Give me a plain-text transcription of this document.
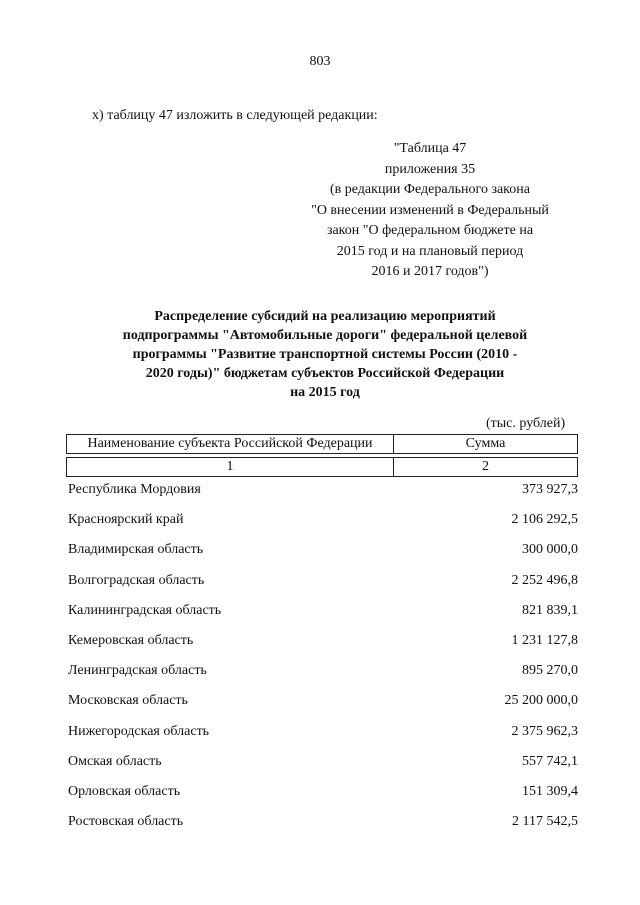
803
х) таблицу 47 изложить в следующей редакции:
"Таблица 47
приложения 35
(в редакции Федерального закона
"О внесении изменений в Федеральный
закон "О федеральном бюджете на
2015 год и на плановый период
2016 и 2017 годов")
Распределение субсидий на реализацию мероприятий
подпрограммы "Автомобильные дороги" федеральной целевой
программы "Развитие транспортной системы России (2010 -
2020 годы)" бюджетам субъектов Российской Федерации
на 2015 год
(тыс. рублей)
Наименование субъекта Российской Федерации	Сумма

1	2
Республика Мордовия	373 927,3
Красноярский край	2 106 292,5
Владимирская область	300 000,0
Волгоградская область	2 252 496,8
Калининградская область	821 839,1
Кемеровская область	1 231 127,8
Ленинградская область	895 270,0
Московская область	25 200 000,0
Нижегородская область	2 375 962,3
Омская область	557 742,1
Орловская область	151 309,4
Ростовская область	2 117 542,5
